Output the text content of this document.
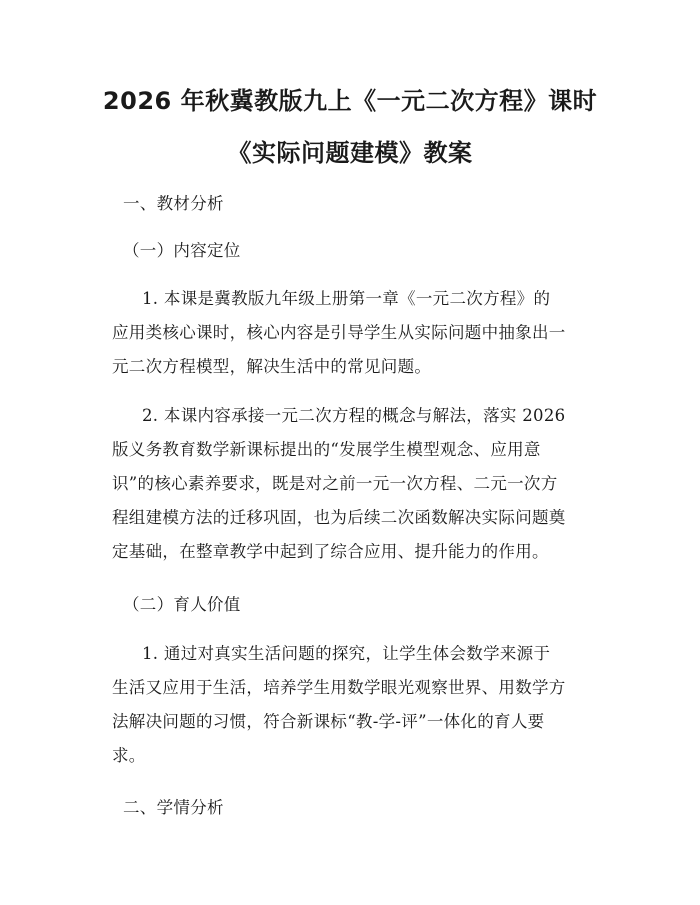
2026 年秋冀教版九上《一元二次方程》课时
《实际问题建模》教案
一、教材分析
（一）内容定位
1. 本课是冀教版九年级上册第一章《一元二次方程》的
应用类核心课时，核心内容是引导学生从实际问题中抽象出一
元二次方程模型，解决生活中的常见问题。
2. 本课内容承接一元二次方程的概念与解法，落实 2026
版义务教育数学新课标提出的“发展学生模型观念、应用意
识”的核心素养要求，既是对之前一元一次方程、二元一次方
程组建模方法的迁移巩固，也为后续二次函数解决实际问题奠
定基础，在整章教学中起到了综合应用、提升能力的作用。
（二）育人价值
1. 通过对真实生活问题的探究，让学生体会数学来源于
生活又应用于生活，培养学生用数学眼光观察世界、用数学方
法解决问题的习惯，符合新课标“教-学-评”一体化的育人要
求。
二、学情分析
